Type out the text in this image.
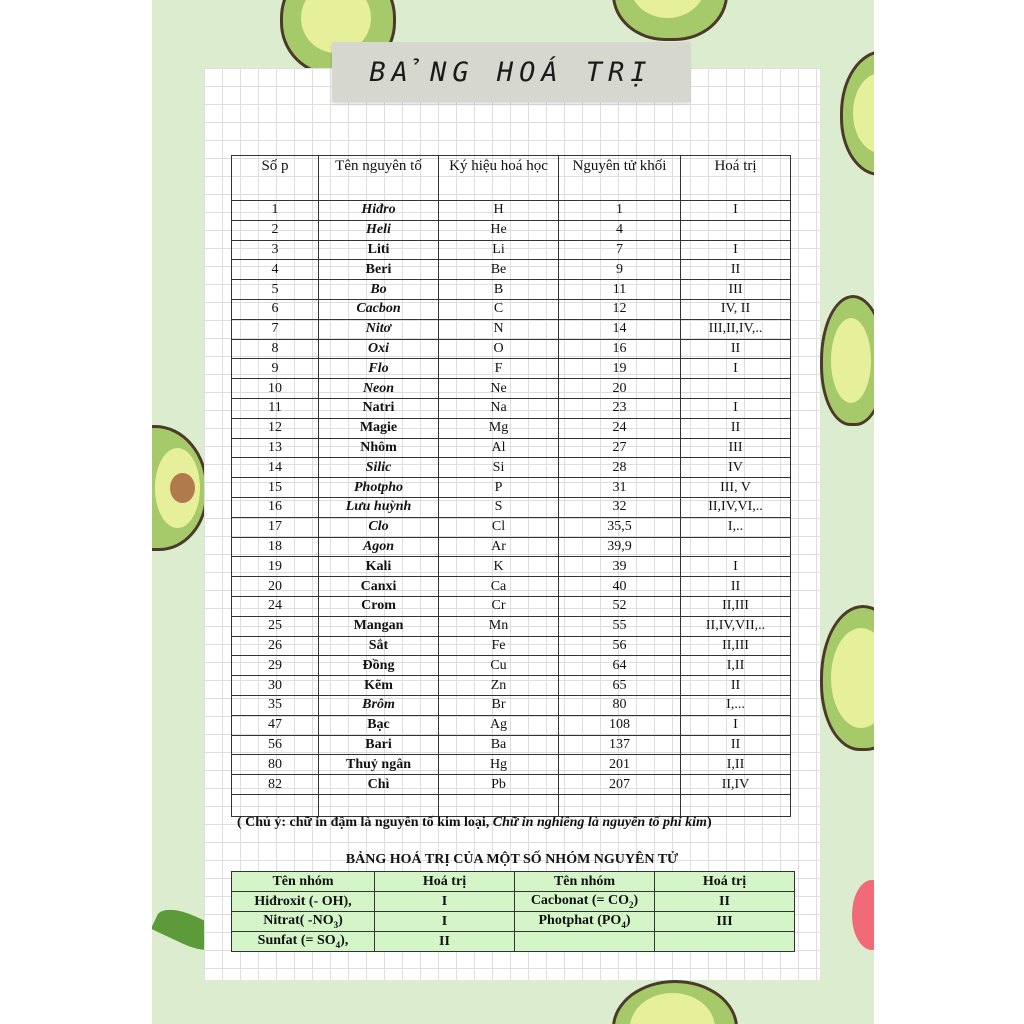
BẢNG HOÁ TRỊ
Số p	Tên nguyên tố	Ký hiệu hoá học	Nguyên tử khối	Hoá trị
1	Hiđro	H	1	I
2	Heli	He	4	
3	Liti	Li	7	I
4	Beri	Be	9	II
5	Bo	B	11	III
6	Cacbon	C	12	IV, II
7	Nitơ	N	14	III,II,IV,..
8	Oxi	O	16	II
9	Flo	F	19	I
10	Neon	Ne	20	
11	Natri	Na	23	I
12	Magie	Mg	24	II
13	Nhôm	Al	27	III
14	Silic	Si	28	IV
15	Photpho	P	31	III, V
16	Lưu huỳnh	S	32	II,IV,VI,..
17	Clo	Cl	35,5	I,..
18	Agon	Ar	39,9	
19	Kali	K	39	I
20	Canxi	Ca	40	II
24	Crom	Cr	52	II,III
25	Mangan	Mn	55	II,IV,VII,..
26	Sắt	Fe	56	II,III
29	Đồng	Cu	64	I,II
30	Kẽm	Zn	65	II
35	Brôm	Br	80	I,...
47	Bạc	Ag	108	I
56	Bari	Ba	137	II
80	Thuỷ ngân	Hg	201	I,II
82	Chì	Pb	207	II,IV

( Chú ý: chữ in đậm là nguyên tố kim loại, Chữ in nghiêng là nguyên tố phi kim)
BẢNG HOÁ TRỊ CỦA MỘT SỐ NHÓM NGUYÊN TỬ
Tên nhóm	Hoá trị	Tên nhóm	Hoá trị
Hiđroxit (- OH),	I	Cacbonat (= $CO_2$)	II
Nitrat( $-NO_3$)	I	Photphat $(PO_4)$	III
Sunfat (= $SO_4$),	II		
